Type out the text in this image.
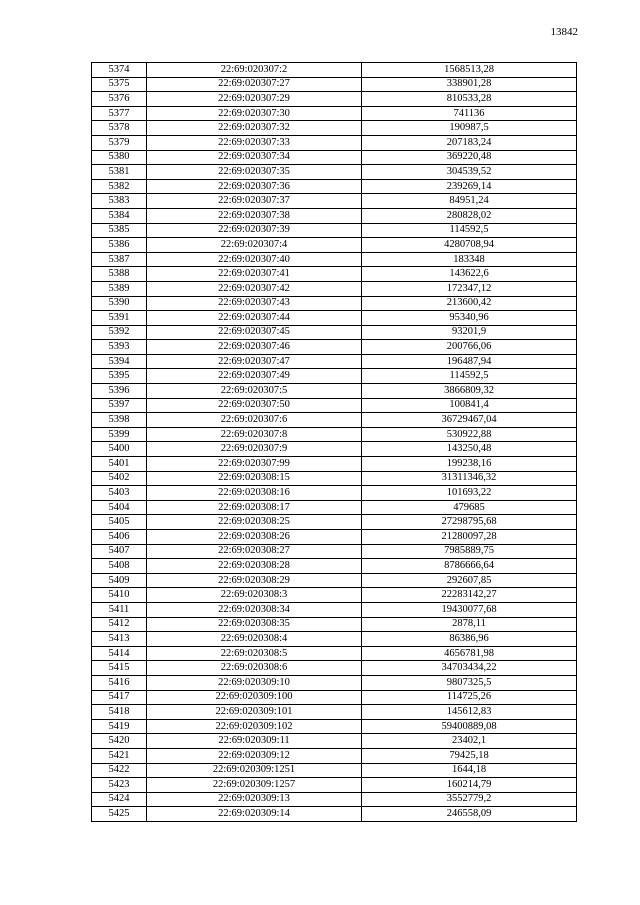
13842
5374	22:69:020307:2	1568513,28
5375	22:69:020307:27	338901,28
5376	22:69:020307:29	810533,28
5377	22:69:020307:30	741136
5378	22:69:020307:32	190987,5
5379	22:69:020307:33	207183,24
5380	22:69:020307:34	369220,48
5381	22:69:020307:35	304539,52
5382	22:69:020307:36	239269,14
5383	22:69:020307:37	84951,24
5384	22:69:020307:38	280828,02
5385	22:69:020307:39	114592,5
5386	22:69:020307:4	4280708,94
5387	22:69:020307:40	183348
5388	22:69:020307:41	143622,6
5389	22:69:020307:42	172347,12
5390	22:69:020307:43	213600,42
5391	22:69:020307:44	95340,96
5392	22:69:020307:45	93201,9
5393	22:69:020307:46	200766,06
5394	22:69:020307:47	196487,94
5395	22:69:020307:49	114592,5
5396	22:69:020307:5	3866809,32
5397	22:69:020307:50	100841,4
5398	22:69:020307:6	36729467,04
5399	22:69:020307:8	530922,88
5400	22:69:020307:9	143250,48
5401	22:69:020307:99	199238,16
5402	22:69:020308:15	31311346,32
5403	22:69:020308:16	101693,22
5404	22:69:020308:17	479685
5405	22:69:020308:25	27298795,68
5406	22:69:020308:26	21280097,28
5407	22:69:020308:27	7985889,75
5408	22:69:020308:28	8786666,64
5409	22:69:020308:29	292607,85
5410	22:69:020308:3	22283142,27
5411	22:69:020308:34	19430077,68
5412	22:69:020308:35	2878,11
5413	22:69:020308:4	86386,96
5414	22:69:020308:5	4656781,98
5415	22:69:020308:6	34703434,22
5416	22:69:020309:10	9807325,5
5417	22:69:020309:100	114725,26
5418	22:69:020309:101	145612,83
5419	22:69:020309:102	59400889,08
5420	22:69:020309:11	23402,1
5421	22:69:020309:12	79425,18
5422	22:69:020309:1251	1644,18
5423	22:69:020309:1257	160214,79
5424	22:69:020309:13	3552779,2
5425	22:69:020309:14	246558,09
